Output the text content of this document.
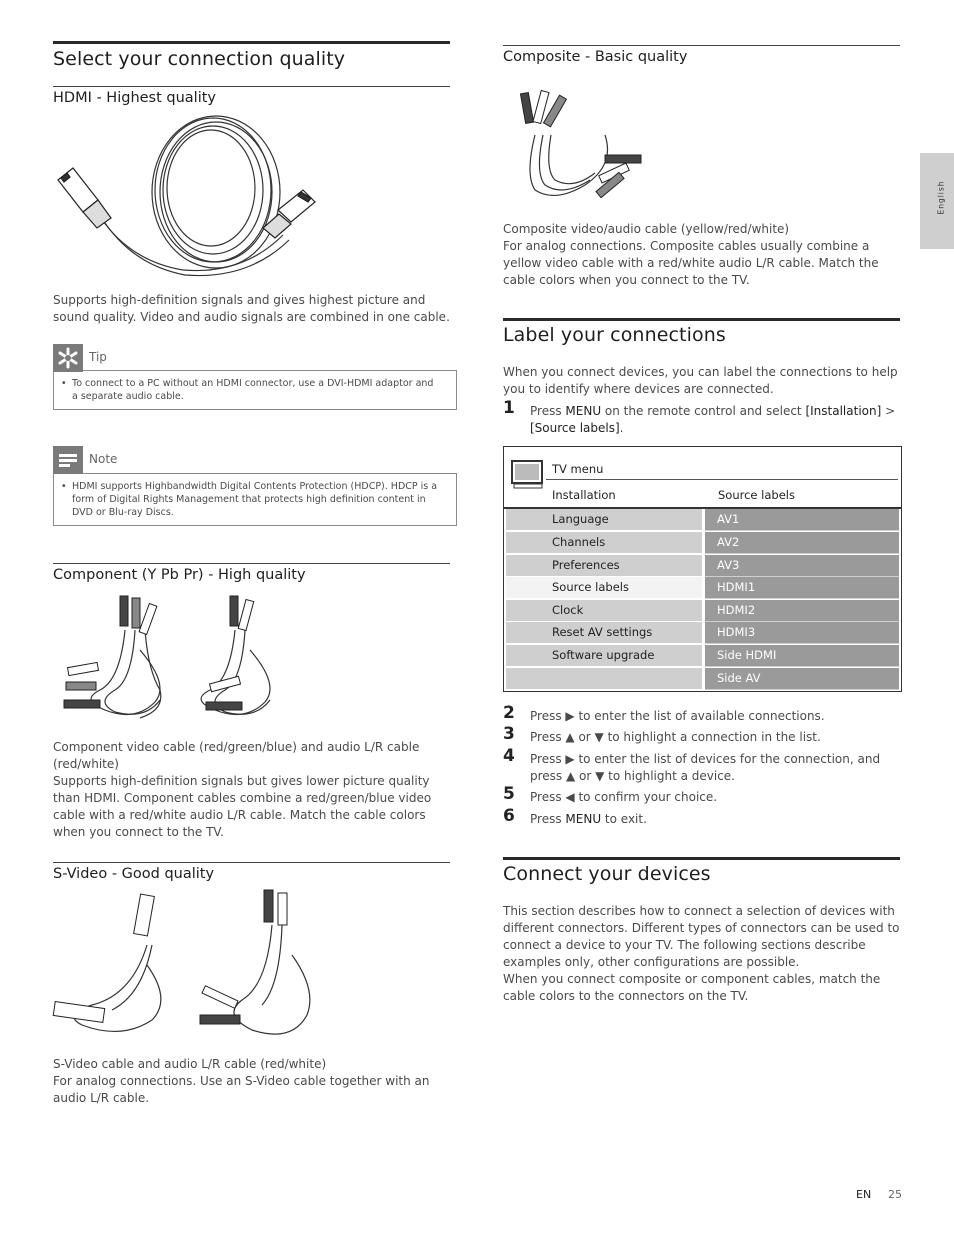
English
Select your connection quality
HDMI - Highest quality

Supports high-definition signals and gives highest picture and sound quality. Video and audio signals are combined in one cable.

Tip
• To connect to a PC without an HDMI connector, use a DVI-HDMI adaptor and a separate audio cable.
Note
• HDMI supports Highbandwidth Digital Contents Protection (HDCP). HDCP is a form of Digital Rights Management that protects high definition content in DVD or Blu-ray Discs.
Component (Y Pb Pr) - High quality

Component video cable (red/green/blue) and audio L/R cable (red/white)

Supports high-definition signals but gives lower picture quality than HDMI. Component cables combine a red/green/blue video cable with a red/white audio L/R cable. Match the cable colors when you connect to the TV.

S-Video - Good quality

S-Video cable and audio L/R cable (red/white)

For analog connections. Use an S-Video cable together with an audio L/R cable.

Composite - Basic quality

Composite video/audio cable (yellow/red/white)

For analog connections. Composite cables usually combine a yellow video cable with a red/white audio L/R cable. Match the cable colors when you connect to the TV.

Label your connections

When you connect devices, you can label the connections to help you to identify where devices are connected.

1 Press MENU on the remote control and select [Installation] > [Source labels].
TV menu
Installation	Source labels
Language
Channels
Preferences
Source labels
Clock
Reset AV settings
Software upgrade
AV1
AV2
AV3
HDMI1
HDMI2
HDMI3
Side HDMI
Side AV
2 Press ▶ to enter the list of available connections.
3 Press ▲ or ▼ to highlight a connection in the list.
4 Press ▶ to enter the list of devices for the connection, and press ▲ or ▼ to highlight a device.
5 Press ◀ to confirm your choice.
6 Press MENU to exit.
Connect your devices

This section describes how to connect a selection of devices with different connectors. Different types of connectors can be used to connect a device to your TV. The following sections describe examples only, other configurations are possible.

When you connect composite or component cables, match the cable colors to the connectors on the TV.

EN 25
